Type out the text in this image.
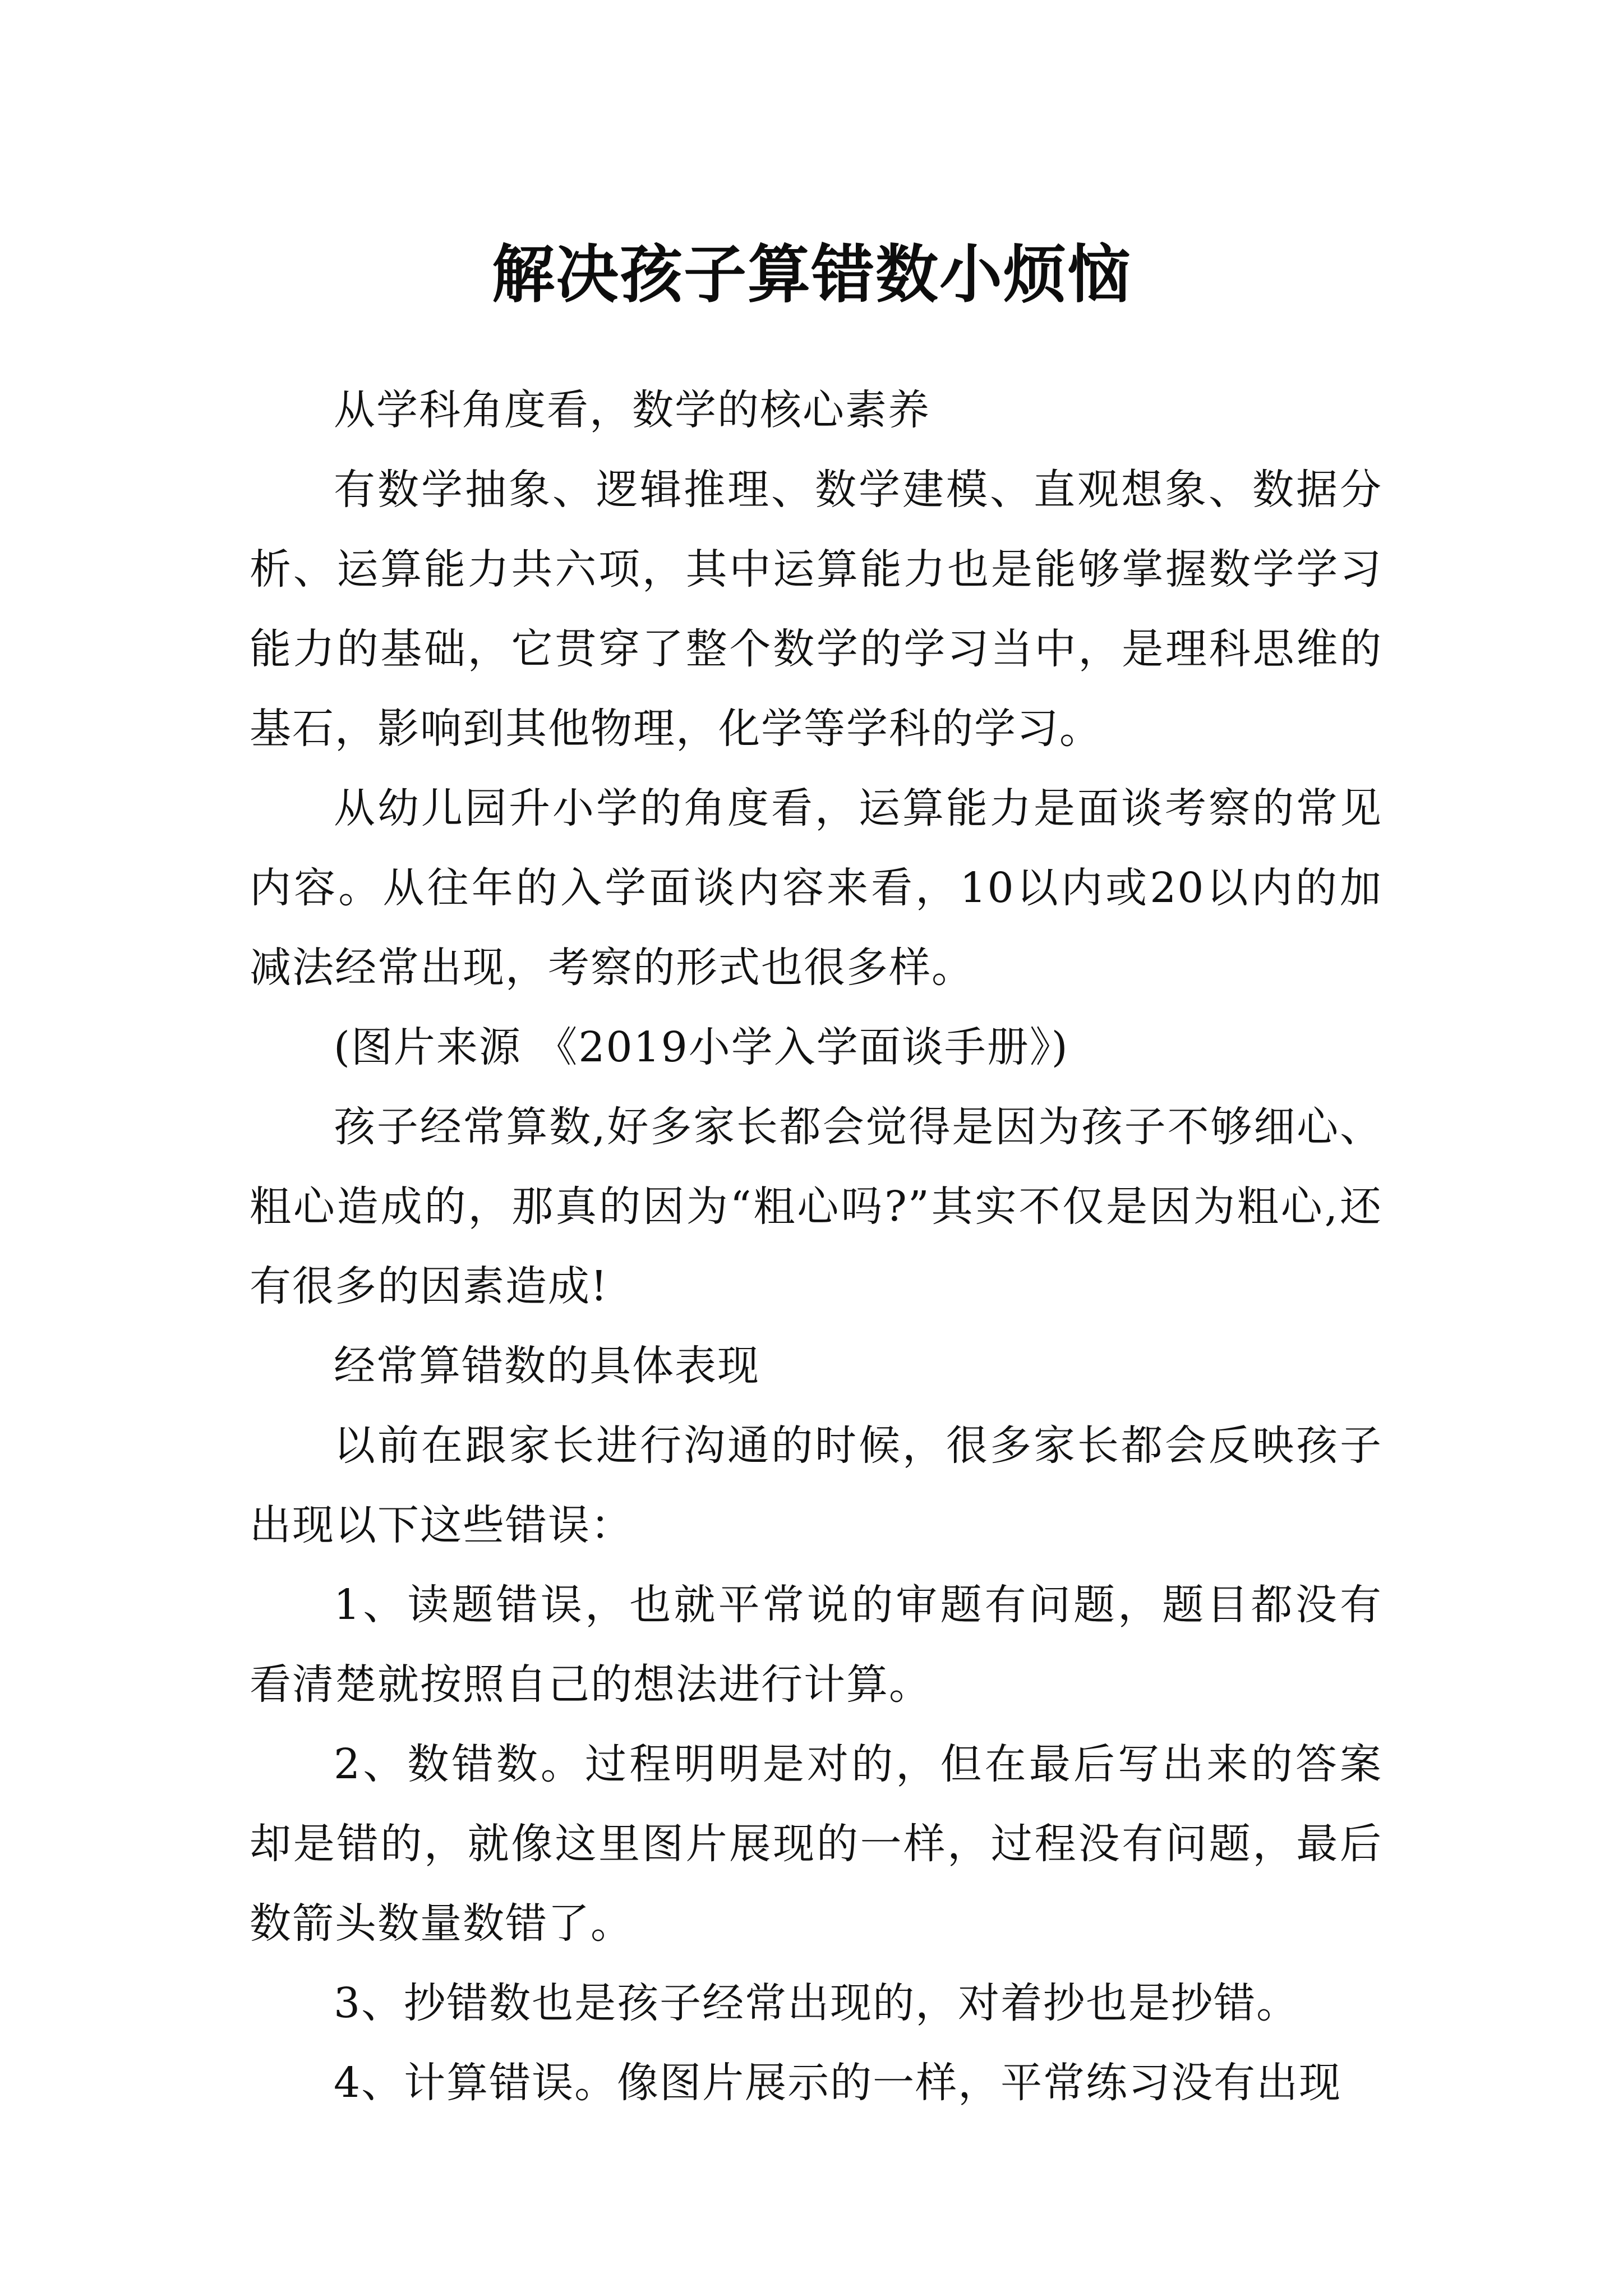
解决孩子算错数小烦恼

从学科角度看，数学的核心素养

有数学抽象、逻辑推理、数学建模、直观想象、数据分析、运算能力共六项，其中运算能力也是能够掌握数学学习能力的基础，它贯穿了整个数学的学习当中，是理科思维的基石，影响到其他物理，化学等学科的学习。

从幼儿园升小学的角度看，运算能力是面谈考察的常见内容。从往年的入学面谈内容来看，10以内或20以内的加减法经常出现，考察的形式也很多样。

(图片来源 《2019小学入学面谈手册》)

孩子经常算数,好多家长都会觉得是因为孩子不够细心、粗心造成的，那真的因为“粗心吗?”其实不仅是因为粗心,还有很多的因素造成!

经常算错数的具体表现

以前在跟家长进行沟通的时候，很多家长都会反映孩子出现以下这些错误：

1、读题错误，也就平常说的审题有问题，题目都没有看清楚就按照自己的想法进行计算。

2、数错数。过程明明是对的，但在最后写出来的答案却是错的，就像这里图片展现的一样，过程没有问题，最后数箭头数量数错了。

3、抄错数也是孩子经常出现的，对着抄也是抄错。

4、计算错误。像图片展示的一样，平常练习没有出现
